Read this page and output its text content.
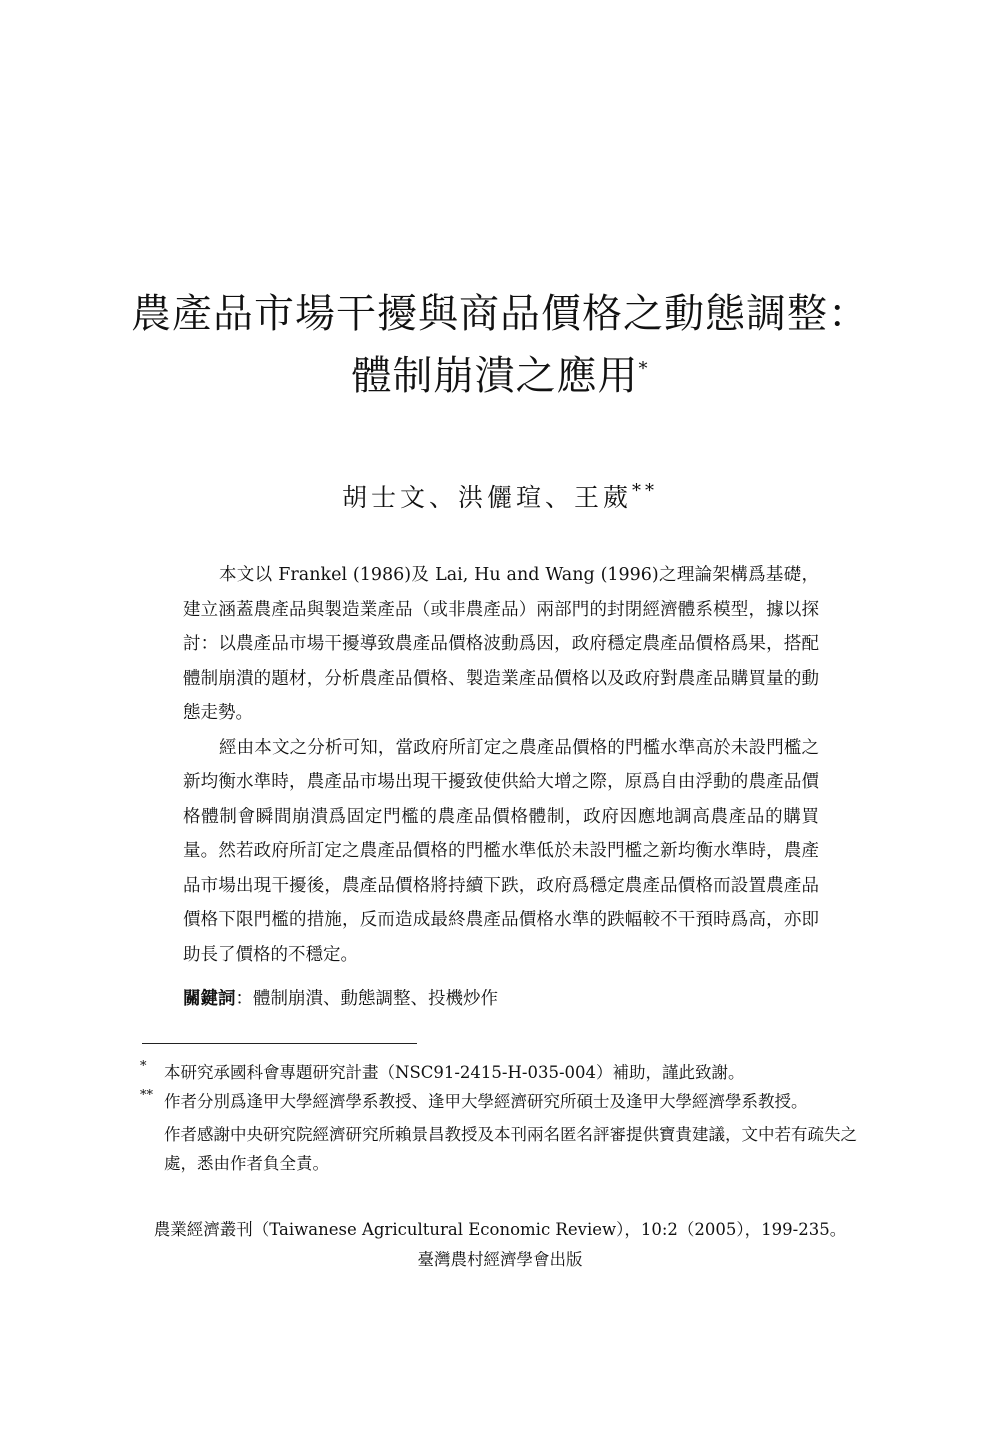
農產品市場干擾與商品價格之動態調整：
體制崩潰之應用*
胡士文、洪儷瑄、王葳**

本文以 Frankel (1986)及 Lai, Hu and Wang (1996)之理論架構爲基礎，建立涵蓋農產品與製造業產品（或非農產品）兩部門的封閉經濟體系模型，據以探討：以農產品市場干擾導致農產品價格波動爲因，政府穩定農產品價格爲果，搭配體制崩潰的題材，分析農產品價格、製造業產品價格以及政府對農產品購買量的動態走勢。

經由本文之分析可知，當政府所訂定之農產品價格的門檻水準高於未設門檻之新均衡水準時，農產品市場出現干擾致使供給大增之際，原爲自由浮動的農產品價格體制會瞬間崩潰爲固定門檻的農產品價格體制，政府因應地調高農產品的購買量。然若政府所訂定之農產品價格的門檻水準低於未設門檻之新均衡水準時，農產品市場出現干擾後，農產品價格將持續下跌，政府爲穩定農產品價格而設置農產品價格下限門檻的措施，反而造成最終農產品價格水準的跌幅較不干預時爲高，亦即助長了價格的不穩定。

關鍵詞：體制崩潰、動態調整、投機炒作
* 本研究承國科會專題研究計畫（NSC91-2415-H-035-004）補助，謹此致謝。
** 作者分別爲逢甲大學經濟學系教授、逢甲大學經濟研究所碩士及逢甲大學經濟學系教授。
作者感謝中央研究院經濟研究所賴景昌教授及本刊兩名匿名評審提供寶貴建議，文中若有疏失之處，悉由作者負全責。
農業經濟叢刊（Taiwanese Agricultural Economic Review），10:2（2005），199-235。
臺灣農村經濟學會出版
